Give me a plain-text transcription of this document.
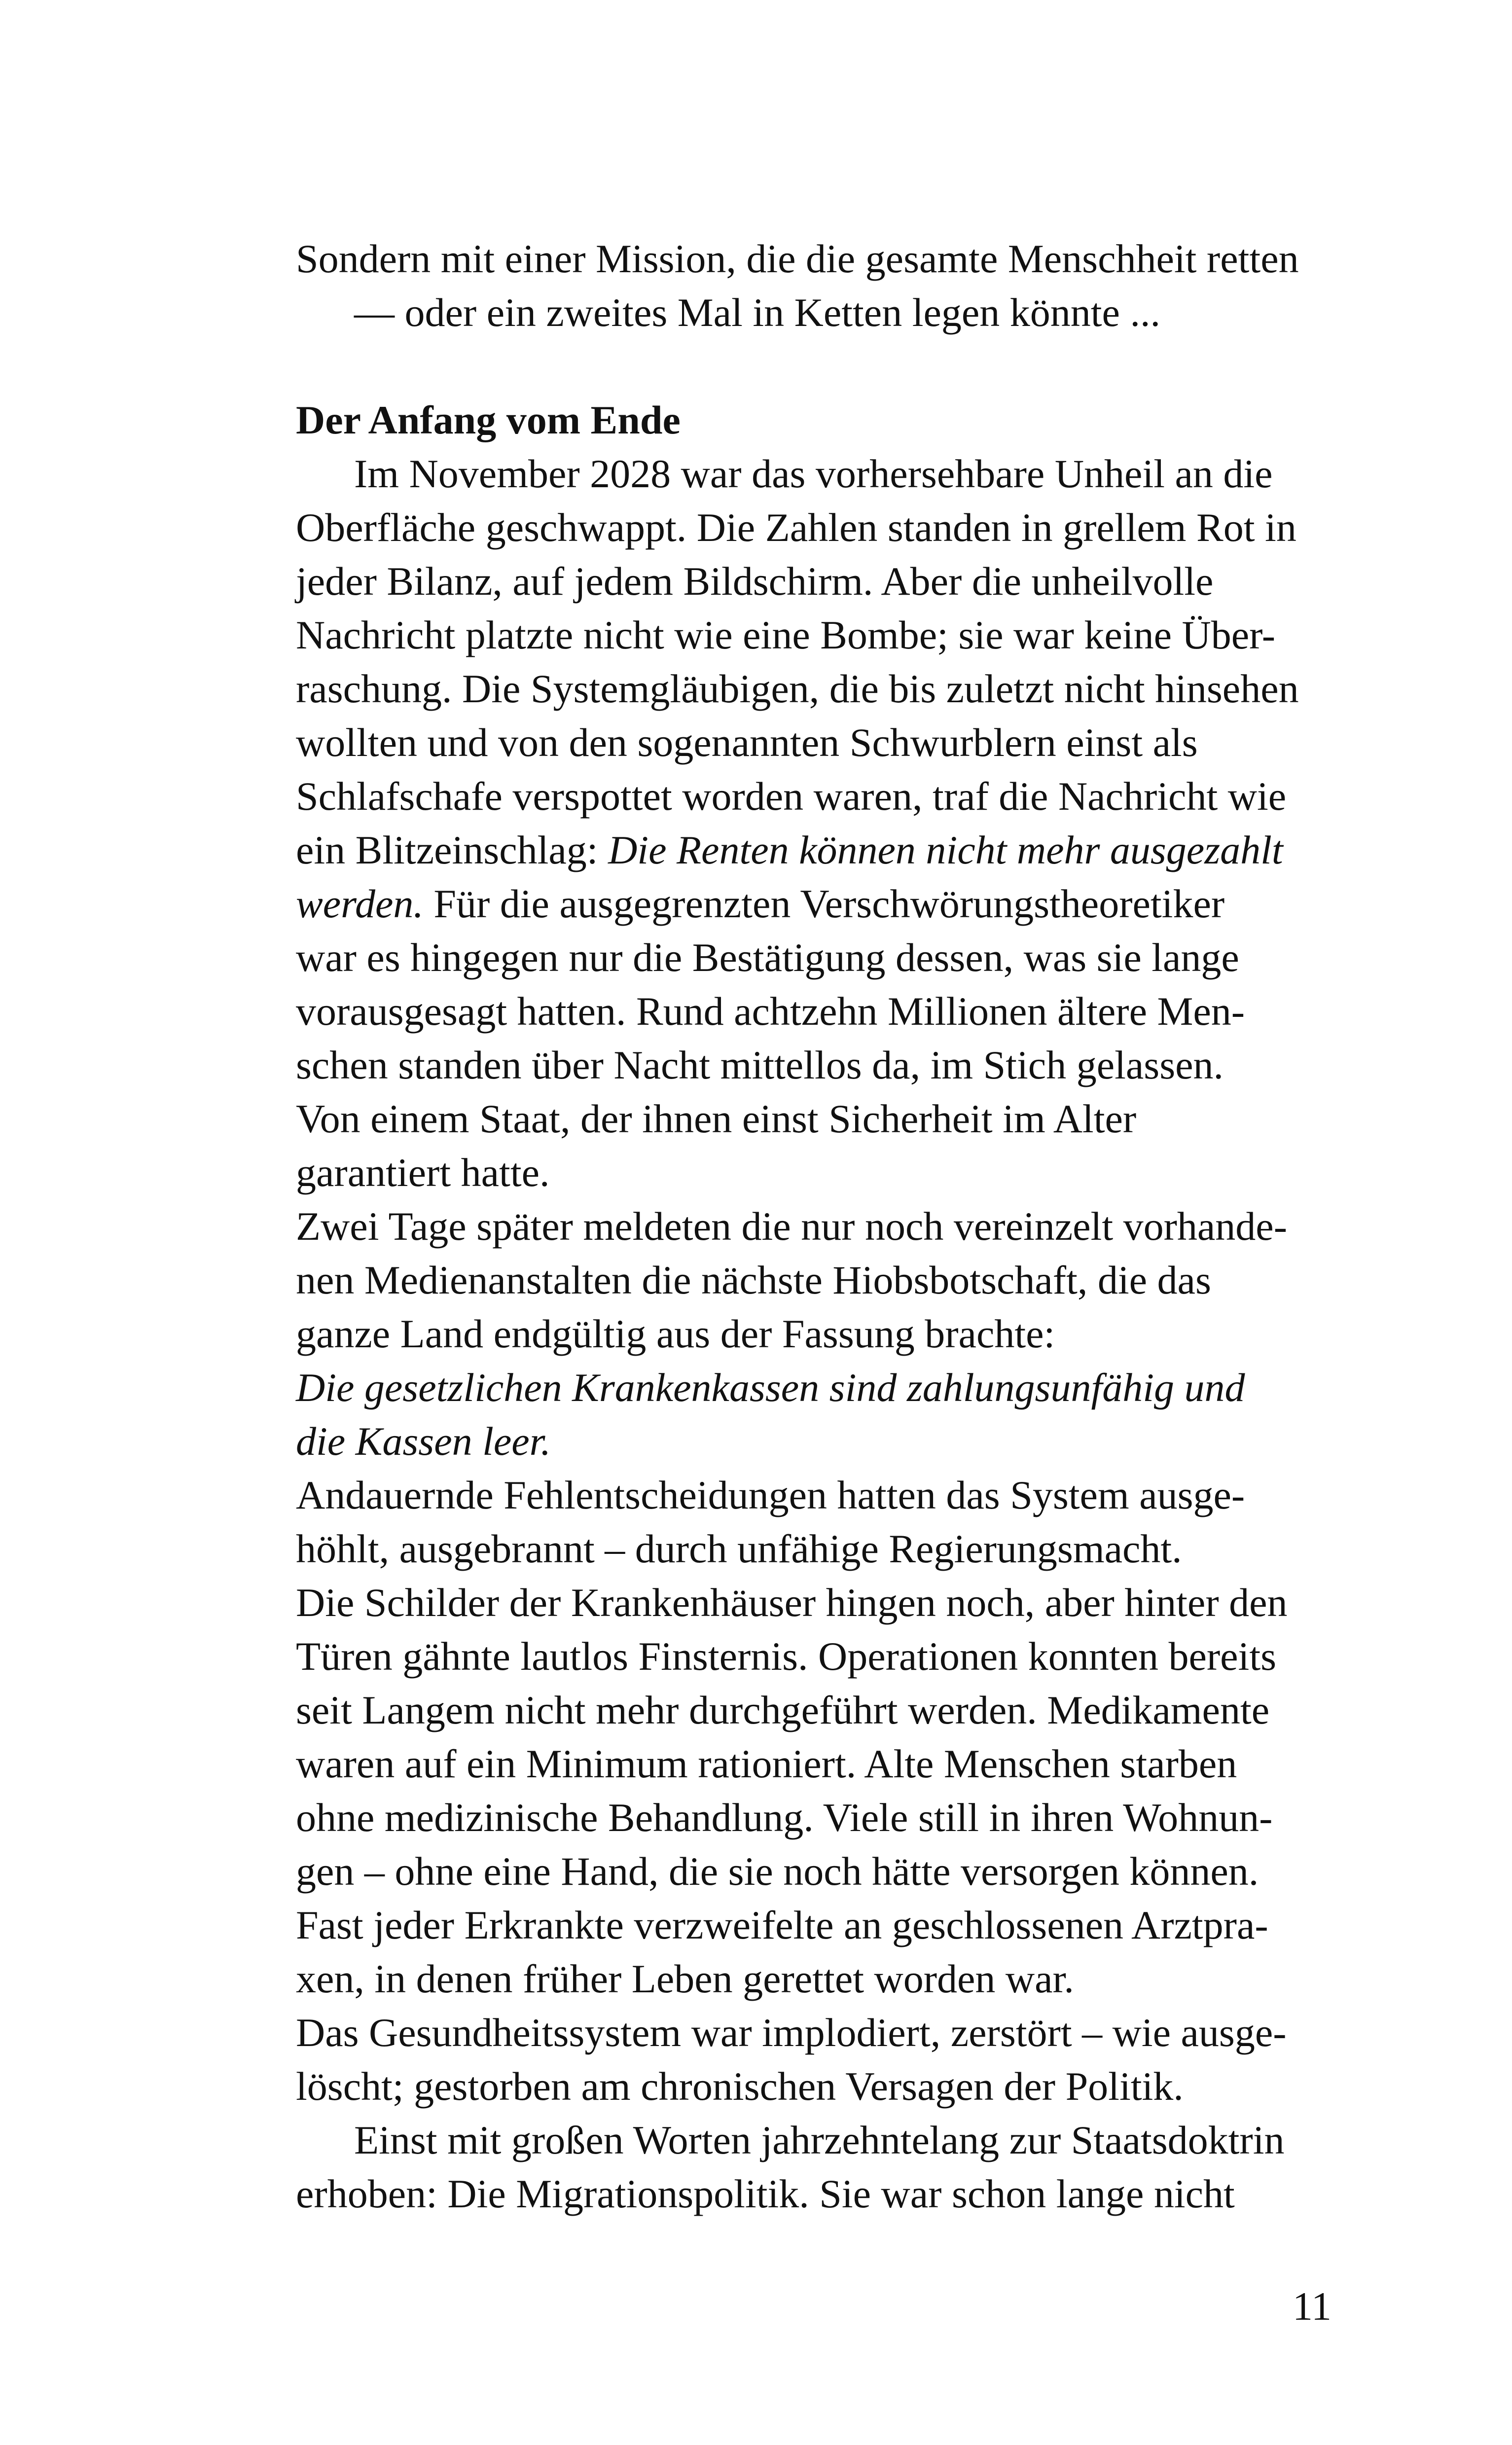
Sondern mit einer Mission, die die gesamte Menschheit retten
— oder ein zweites Mal in Ketten legen könnte ...
Der Anfang vom Ende
Im November 2028 war das vorhersehbare Unheil an die
Oberfläche geschwappt. Die Zahlen standen in grellem Rot in
jeder Bilanz, auf jedem Bildschirm. Aber die unheilvolle
Nachricht platzte nicht wie eine Bombe; sie war keine Über-
raschung. Die Systemgläubigen, die bis zuletzt nicht hinsehen
wollten und von den sogenannten Schwurblern einst als
Schlafschafe verspottet worden waren, traf die Nachricht wie
ein Blitzeinschlag: Die Renten können nicht mehr ausgezahlt
werden. Für die ausgegrenzten Verschwörungstheoretiker
war es hingegen nur die Bestätigung dessen, was sie lange
vorausgesagt hatten. Rund achtzehn Millionen ältere Men-
schen standen über Nacht mittellos da, im Stich gelassen.
Von einem Staat, der ihnen einst Sicherheit im Alter
garantiert hatte.
Zwei Tage später meldeten die nur noch vereinzelt vorhande-
nen Medienanstalten die nächste Hiobsbotschaft, die das
ganze Land endgültig aus der Fassung brachte:
Die gesetzlichen Krankenkassen sind zahlungsunfähig und
die Kassen leer.
Andauernde Fehlentscheidungen hatten das System ausge-
höhlt, ausgebrannt – durch unfähige Regierungsmacht.
Die Schilder der Krankenhäuser hingen noch, aber hinter den
Türen gähnte lautlos Finsternis. Operationen konnten bereits
seit Langem nicht mehr durchgeführt werden. Medikamente
waren auf ein Minimum rationiert. Alte Menschen starben
ohne medizinische Behandlung. Viele still in ihren Wohnun-
gen – ohne eine Hand, die sie noch hätte versorgen können.
Fast jeder Erkrankte verzweifelte an geschlossenen Arztpra-
xen, in denen früher Leben gerettet worden war.
Das Gesundheitssystem war implodiert, zerstört – wie ausge-
löscht; gestorben am chronischen Versagen der Politik.
Einst mit großen Worten jahrzehntelang zur Staatsdoktrin
erhoben: Die Migrationspolitik. Sie war schon lange nicht
11
